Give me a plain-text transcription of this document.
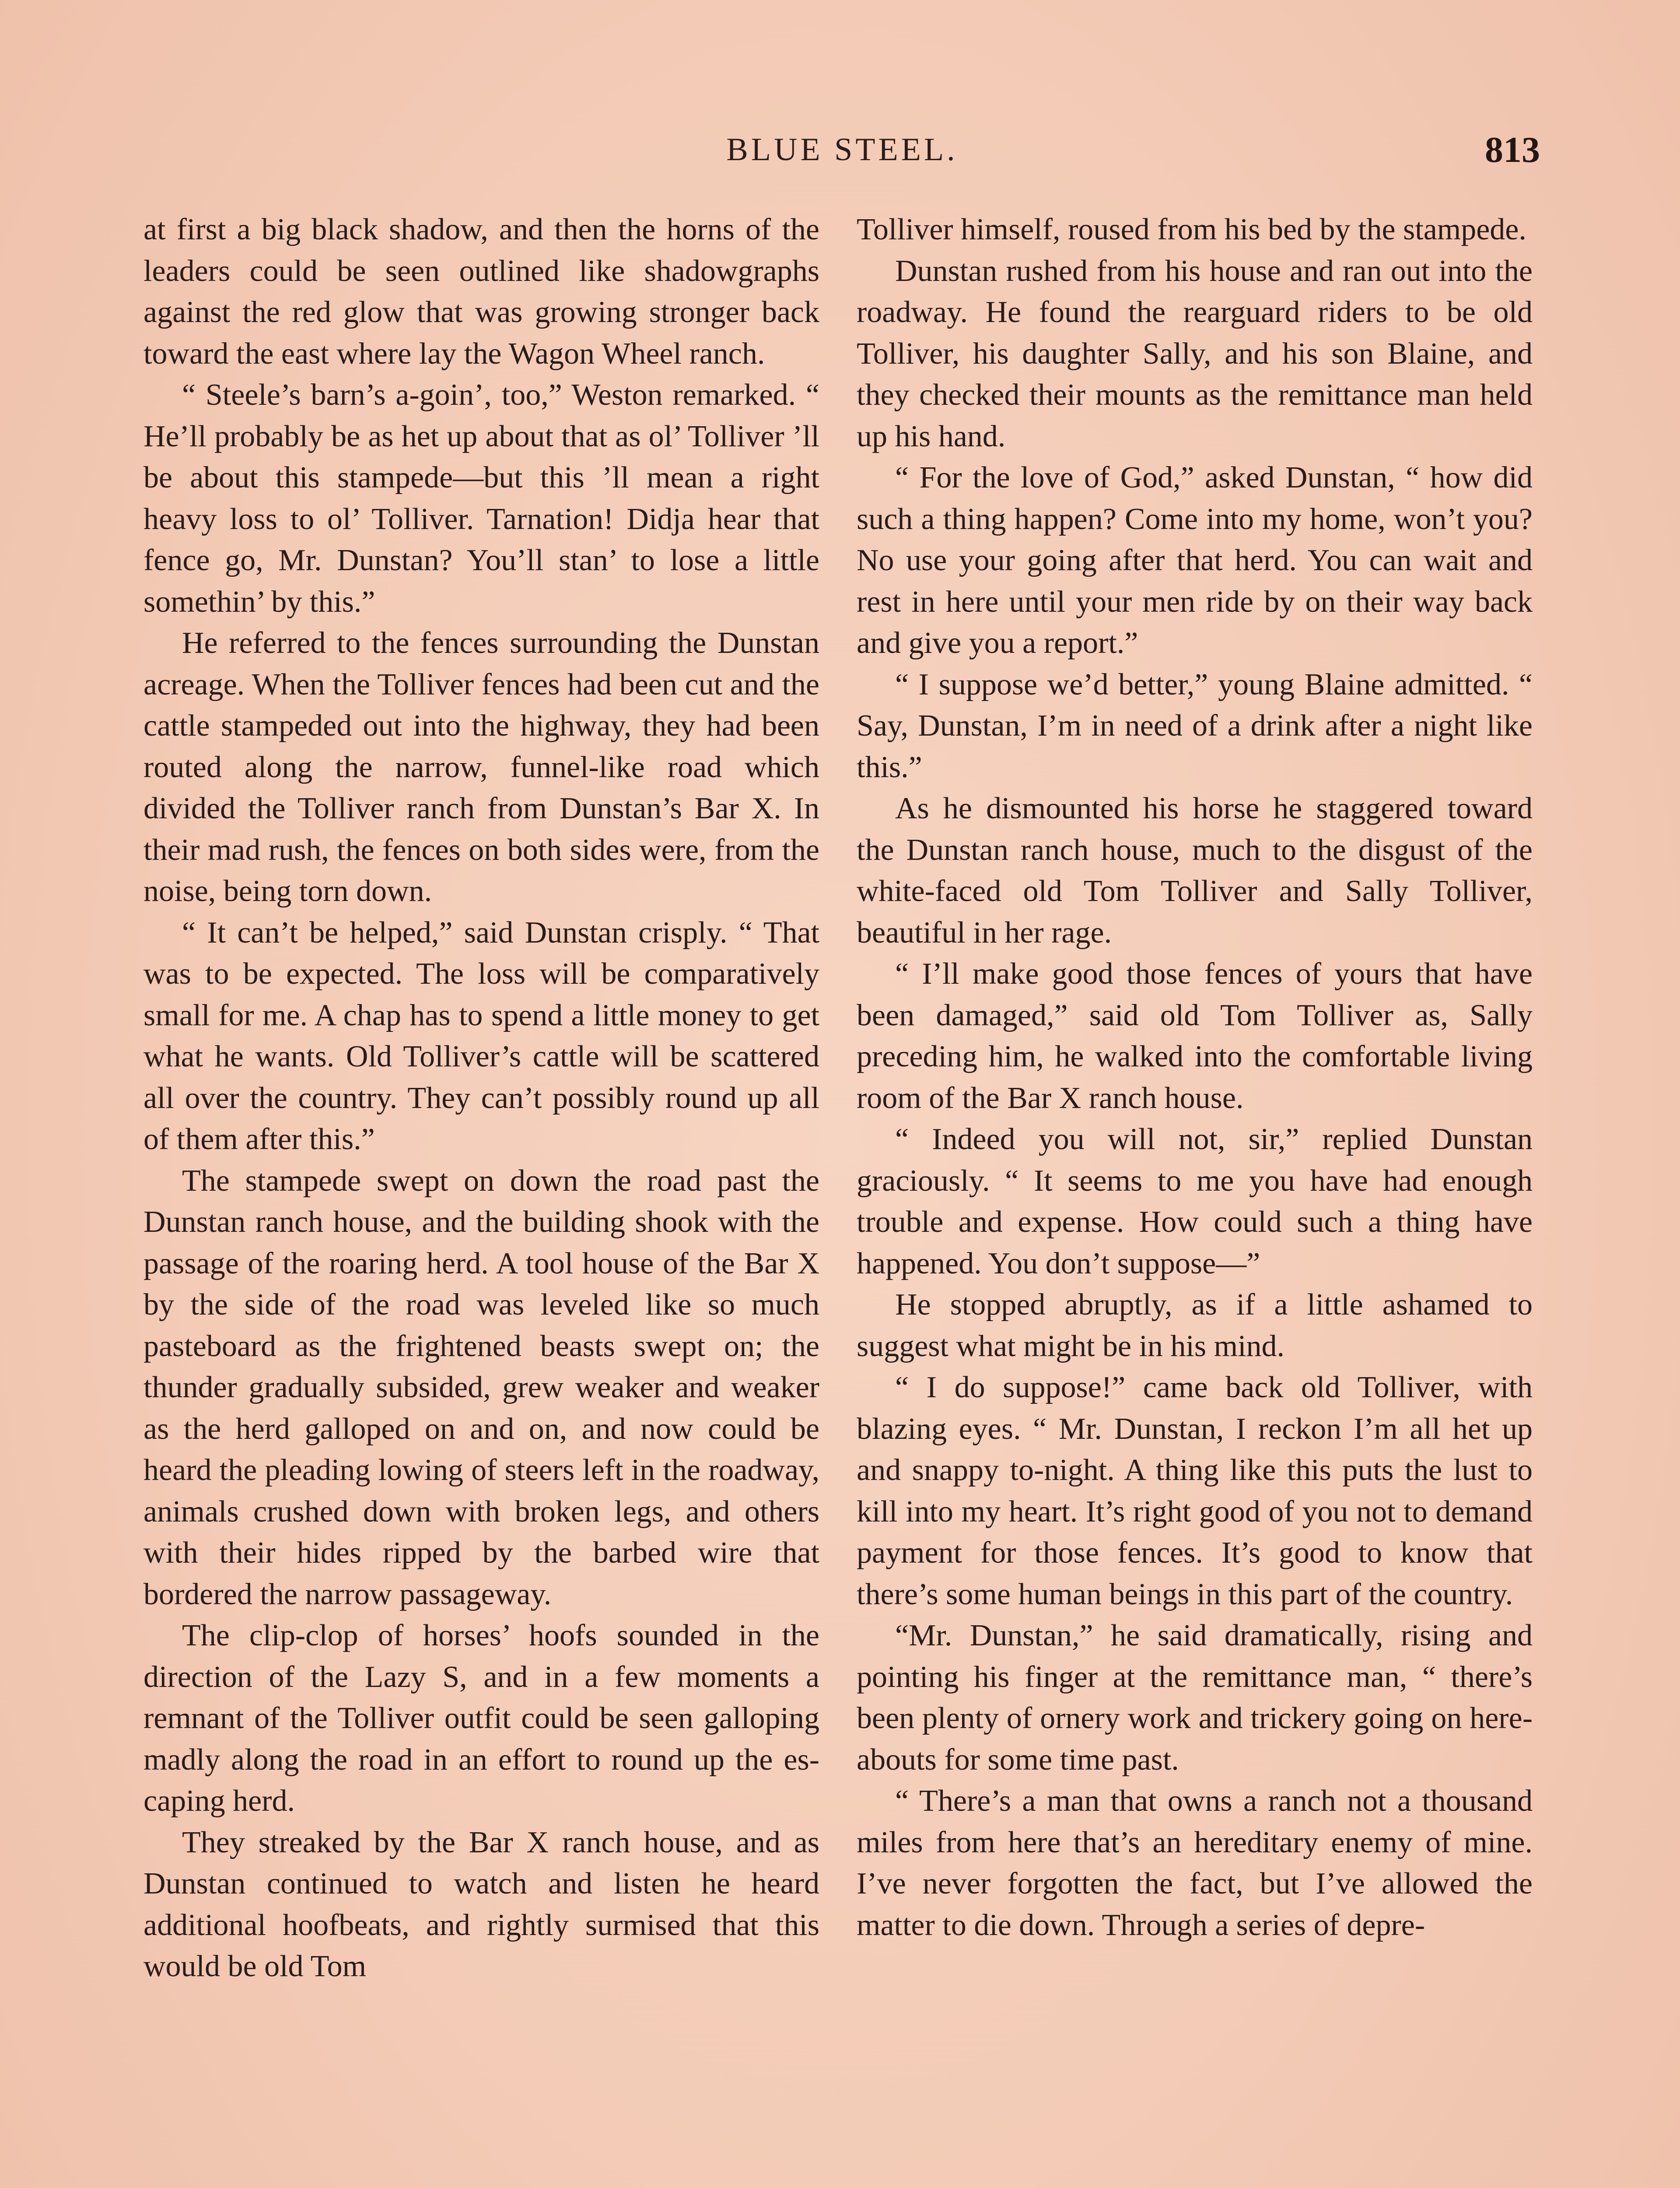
BLUE STEEL.	813

at first a big black shadow, and then the horns of the leaders could be seen outlined like shadowgraphs against the red glow that was growing stronger back toward the east where lay the Wagon Wheel ranch.

“ Steele’s barn’s a-goin’, too,” Weston remarked. “ He’ll probably be as het up about that as ol’ Tolliver ’ll be about this stampede—but this ’ll mean a right heavy loss to ol’ Tolliver. Tarnation! Didja hear that fence go, Mr. Dunstan? You’ll stan’ to lose a little somethin’ by this.”

He referred to the fences surrounding the Dunstan acreage. When the Tolliver fences had been cut and the cattle stampeded out into the highway, they had been routed along the narrow, funnel-like road which divided the Tolliver ranch from Dunstan’s Bar X. In their mad rush, the fences on both sides were, from the noise, being torn down.

“ It can’t be helped,” said Dunstan crisply. “ That was to be expected. The loss will be comparatively small for me. A chap has to spend a little money to get what he wants. Old Tolliver’s cattle will be scattered all over the country. They can’t possibly round up all of them after this.”

The stampede swept on down the road past the Dunstan ranch house, and the building shook with the passage of the roaring herd. A tool house of the Bar X by the side of the road was leveled like so much pasteboard as the frightened beasts swept on; the thunder gradually subsided, grew weaker and weaker as the herd galloped on and on, and now could be heard the pleading lowing of steers left in the roadway, animals crushed down with broken legs, and others with their hides ripped by the barbed wire that bordered the narrow passageway.

The clip-clop of horses’ hoofs sounded in the direction of the Lazy S, and in a few moments a remnant of the Tolliver outfit could be seen galloping madly along the road in an effort to round up the escaping herd.

They streaked by the Bar X ranch house, and as Dunstan continued to watch and listen he heard additional hoofbeats, and rightly surmised that this would be old Tom

Tolliver himself, roused from his bed by the stampede.

Dunstan rushed from his house and ran out into the roadway. He found the rearguard riders to be old Tolliver, his daughter Sally, and his son Blaine, and they checked their mounts as the remittance man held up his hand.

“ For the love of God,” asked Dunstan, “ how did such a thing happen? Come into my home, won’t you? No use your going after that herd. You can wait and rest in here until your men ride by on their way back and give you a report.”

“ I suppose we’d better,” young Blaine admitted. “ Say, Dunstan, I’m in need of a drink after a night like this.”

As he dismounted his horse he staggered toward the Dunstan ranch house, much to the disgust of the white-faced old Tom Tolliver and Sally Tolliver, beautiful in her rage.

“ I’ll make good those fences of yours that have been damaged,” said old Tom Tolliver as, Sally preceding him, he walked into the comfortable living room of the Bar X ranch house.

“ Indeed you will not, sir,” replied Dunstan graciously. “ It seems to me you have had enough trouble and expense. How could such a thing have happened. You don’t suppose—”

He stopped abruptly, as if a little ashamed to suggest what might be in his mind.

“ I do suppose!” came back old Tolliver, with blazing eyes. “ Mr. Dunstan, I reckon I’m all het up and snappy to-night. A thing like this puts the lust to kill into my heart. It’s right good of you not to demand payment for those fences. It’s good to know that there’s some human beings in this part of the country.

“Mr. Dunstan,” he said dramatically, rising and pointing his finger at the remittance man, “ there’s been plenty of ornery work and trickery going on hereabouts for some time past.

“ There’s a man that owns a ranch not a thousand miles from here that’s an hereditary enemy of mine. I’ve never forgotten the fact, but I’ve allowed the matter to die down. Through a series of depre-
